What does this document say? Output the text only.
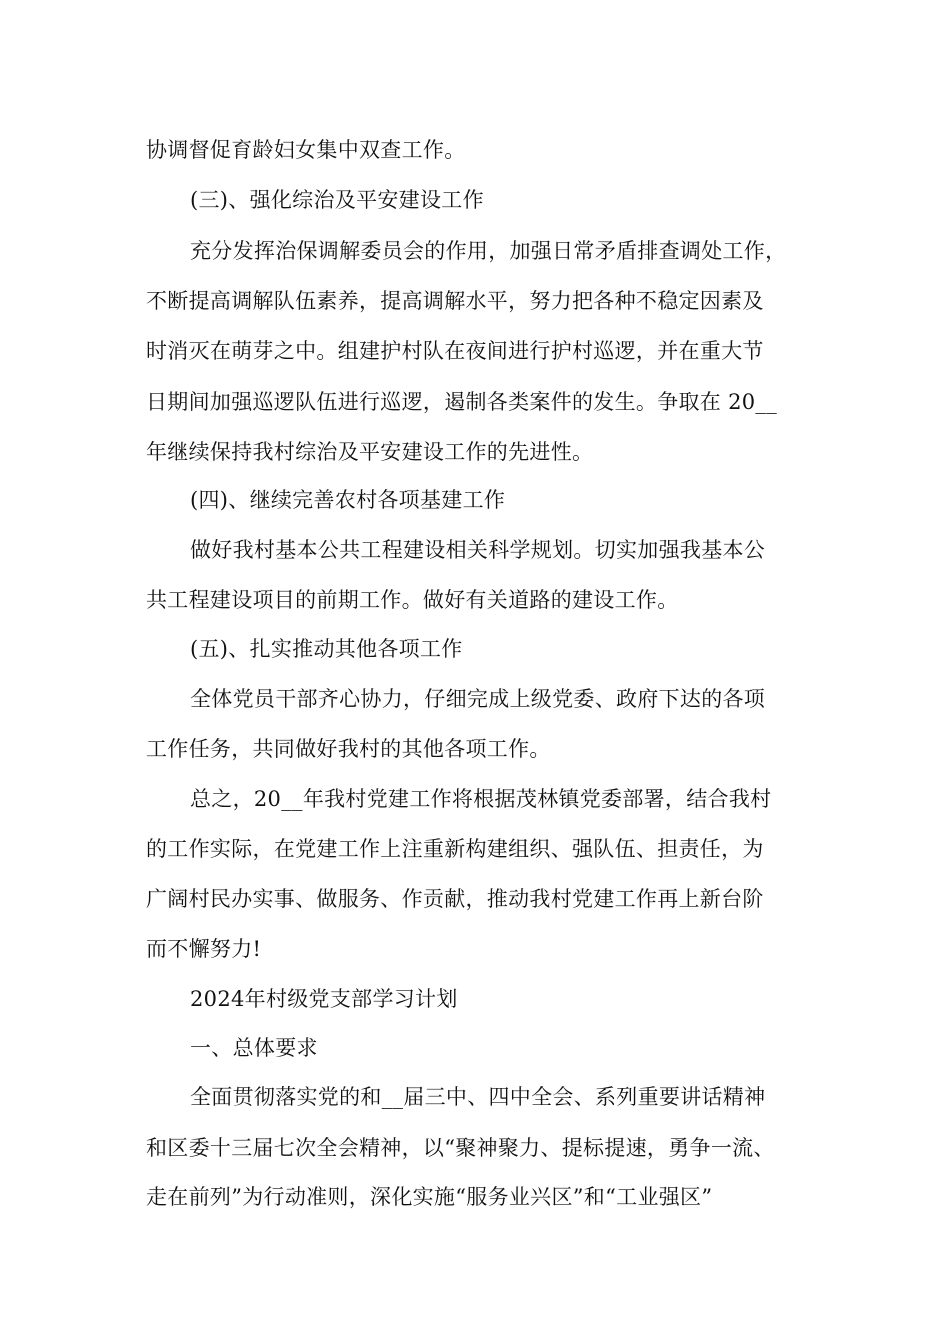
协调督促育龄妇女集中双查工作。
(三)、强化综治及平安建设工作
充分发挥治保调解委员会的作用，加强日常矛盾排查调处工作，
不断提高调解队伍素养，提高调解水平，努力把各种不稳定因素及
时消灭在萌芽之中。组建护村队在夜间进行护村巡逻，并在重大节
日期间加强巡逻队伍进行巡逻，遏制各类案件的发生。争取在 20__
年继续保持我村综治及平安建设工作的先进性。
(四)、继续完善农村各项基建工作
做好我村基本公共工程建设相关科学规划。切实加强我基本公
共工程建设项目的前期工作。做好有关道路的建设工作。
(五)、扎实推动其他各项工作
全体党员干部齐心协力，仔细完成上级党委、政府下达的各项
工作任务，共同做好我村的其他各项工作。
总之，20__年我村党建工作将根据茂林镇党委部署，结合我村
的工作实际，在党建工作上注重新构建组织、强队伍、担责任，为
广阔村民办实事、做服务、作贡献，推动我村党建工作再上新台阶
而不懈努力!
2024年村级党支部学习计划
一、总体要求
全面贯彻落实党的和__届三中、四中全会、系列重要讲话精神
和区委十三届七次全会精神，以“聚神聚力、提标提速，勇争一流、
走在前列”为行动准则，深化实施“服务业兴区”和“工业强区”
